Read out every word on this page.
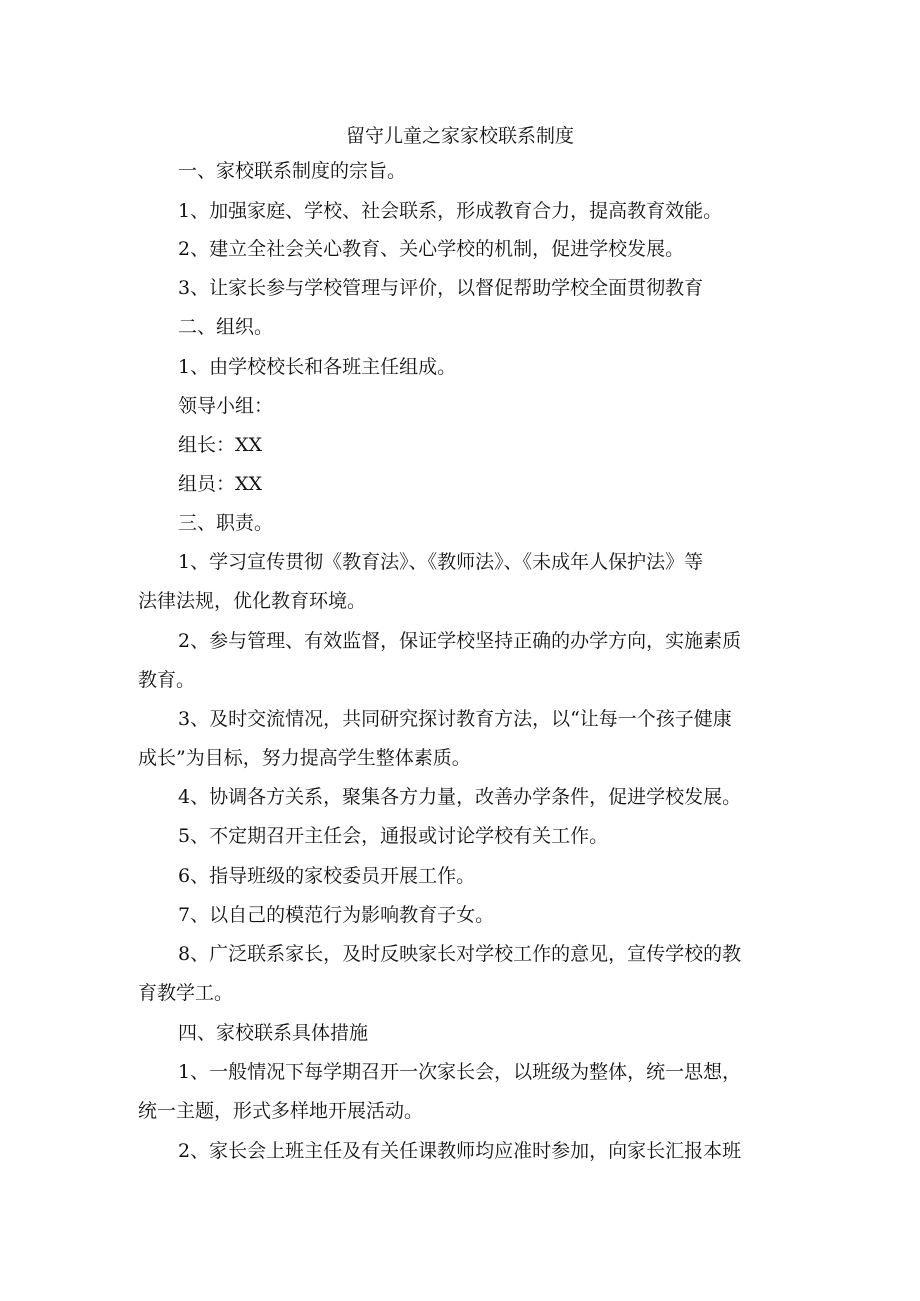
留守儿童之家家校联系制度
一、家校联系制度的宗旨。
1、加强家庭、学校、社会联系，形成教育合力，提高教育效能。
2、建立全社会关心教育、关心学校的机制，促进学校发展。
3、让家长参与学校管理与评价，以督促帮助学校全面贯彻教育
二、组织。
1、由学校校长和各班主任组成。
领导小组：
组长：XX
组员：XX
三、职责。
1、学习宣传贯彻《教育法》、《教师法》、《未成年人保护法》等
法律法规，优化教育环境。
2、参与管理、有效监督，保证学校坚持正确的办学方向，实施素质
教育。
3、及时交流情况，共同研究探讨教育方法，以“让每一个孩子健康
成长”为目标，努力提高学生整体素质。
4、协调各方关系，聚集各方力量，改善办学条件，促进学校发展。
5、不定期召开主任会，通报或讨论学校有关工作。
6、指导班级的家校委员开展工作。
7、以自己的模范行为影响教育子女。
8、广泛联系家长，及时反映家长对学校工作的意见，宣传学校的教
育教学工。
四、家校联系具体措施
1、一般情况下每学期召开一次家长会，以班级为整体，统一思想，
统一主题，形式多样地开展活动。
2、家长会上班主任及有关任课教师均应准时参加，向家长汇报本班
